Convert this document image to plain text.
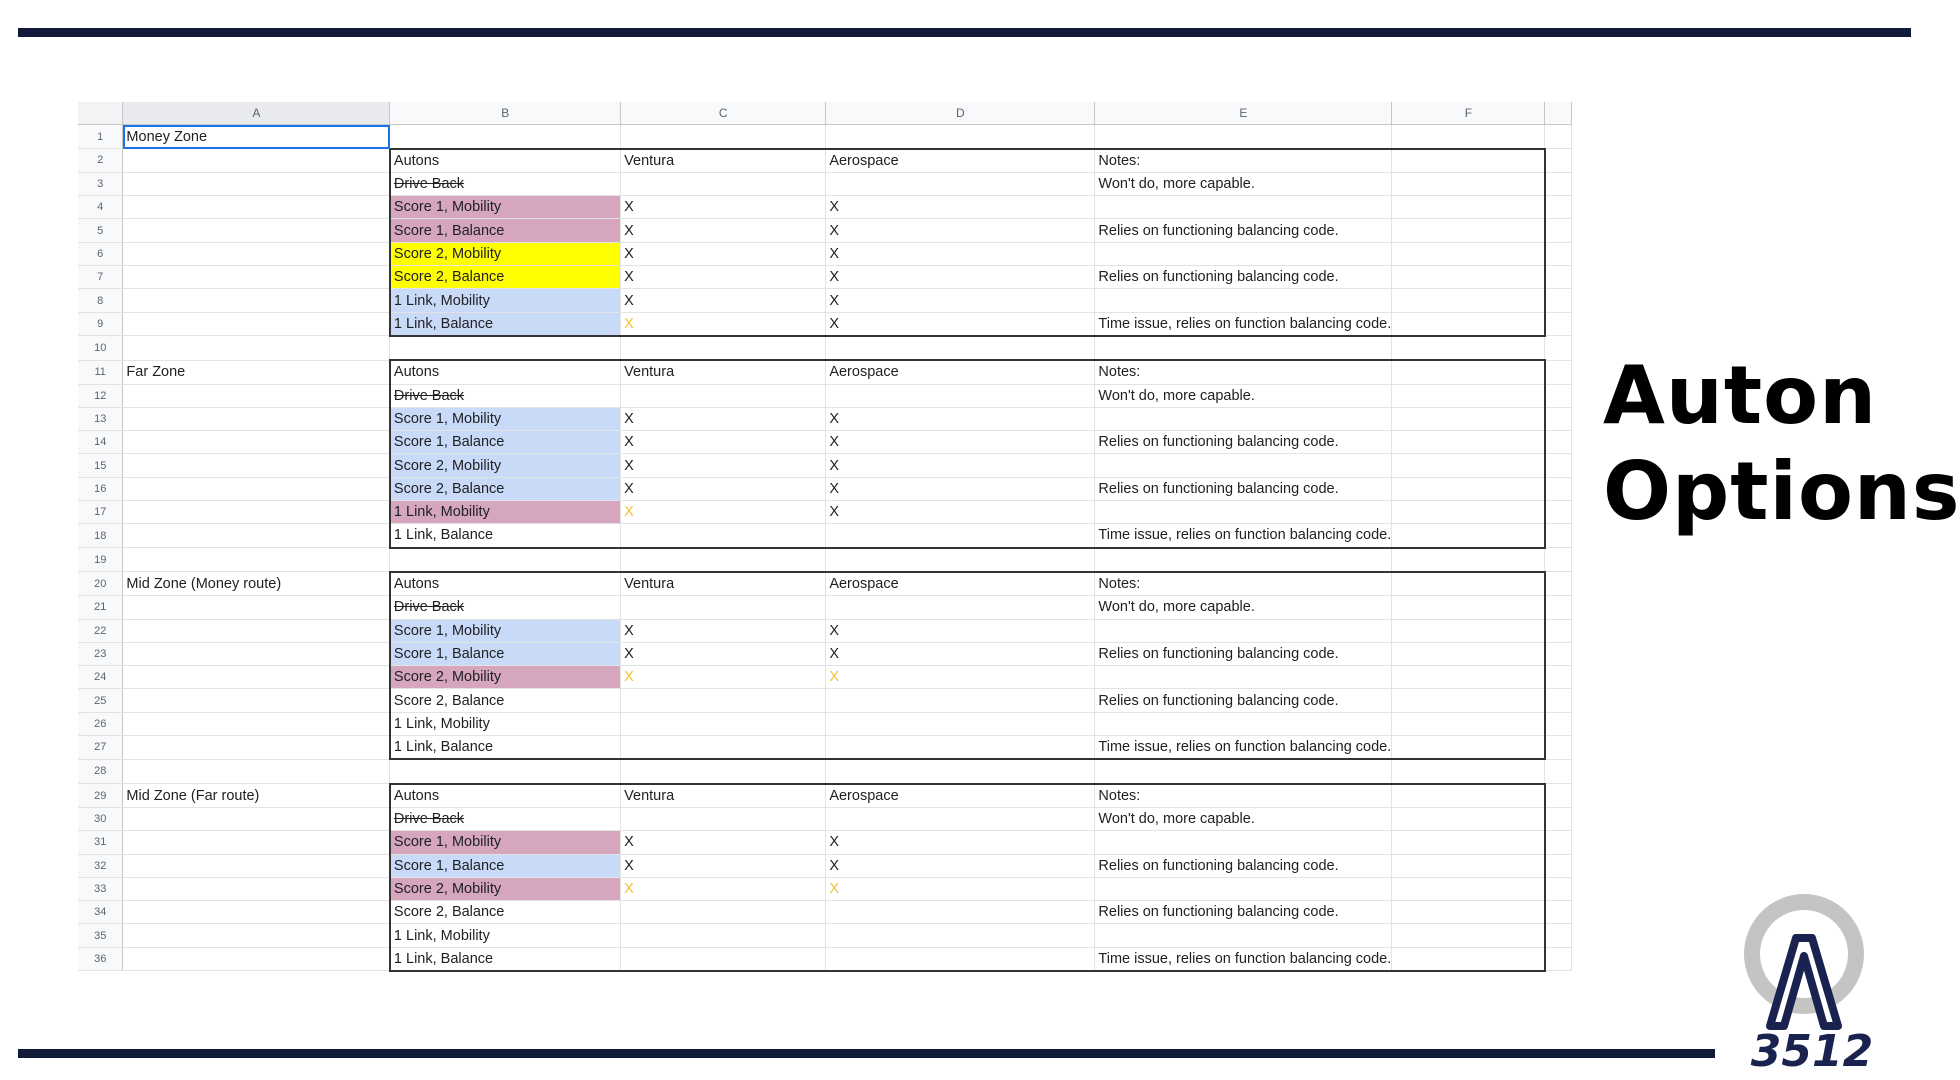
	A	B	C	D	E	F	
1	Money Zone						
2		Autons	Ventura	Aerospace	Notes:		
3		Drive Back			Won't do, more capable.		
4		Score 1, Mobility	X	X			
5		Score 1, Balance	X	X	Relies on functioning balancing code.		
6		Score 2, Mobility	X	X			
7		Score 2, Balance	X	X	Relies on functioning balancing code.		
8		1 Link, Mobility	X	X			
9		1 Link, Balance	X	X	Time issue, relies on function balancing code.		
10							
11	Far Zone	Autons	Ventura	Aerospace	Notes:		
12		Drive Back			Won't do, more capable.		
13		Score 1, Mobility	X	X			
14		Score 1, Balance	X	X	Relies on functioning balancing code.		
15		Score 2, Mobility	X	X			
16		Score 2, Balance	X	X	Relies on functioning balancing code.		
17		1 Link, Mobility	X	X			
18		1 Link, Balance			Time issue, relies on function balancing code.		
19							
20	Mid Zone (Money route)	Autons	Ventura	Aerospace	Notes:		
21		Drive Back			Won't do, more capable.		
22		Score 1, Mobility	X	X			
23		Score 1, Balance	X	X	Relies on functioning balancing code.		
24		Score 2, Mobility	X	X			
25		Score 2, Balance			Relies on functioning balancing code.		
26		1 Link, Mobility					
27		1 Link, Balance			Time issue, relies on function balancing code.		
28							
29	Mid Zone (Far route)	Autons	Ventura	Aerospace	Notes:		
30		Drive Back			Won't do, more capable.		
31		Score 1, Mobility	X	X			
32		Score 1, Balance	X	X	Relies on functioning balancing code.		
33		Score 2, Mobility	X	X			
34		Score 2, Balance			Relies on functioning balancing code.		
35		1 Link, Mobility					
36		1 Link, Balance			Time issue, relies on function balancing code.		
Auton
Options
3512
